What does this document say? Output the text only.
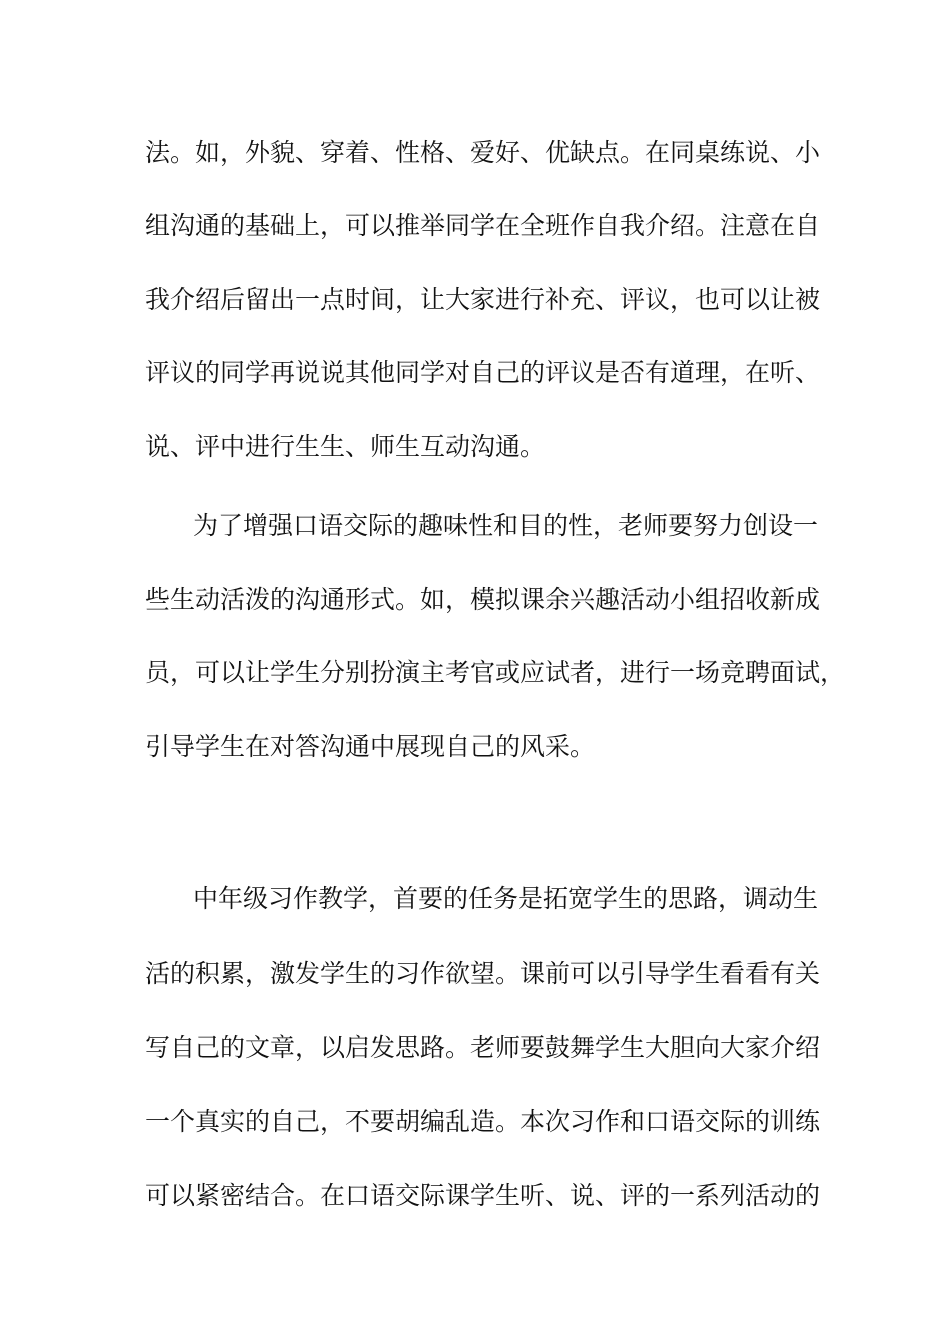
法。如，外貌、穿着、性格、爱好、优缺点。在同桌练说、小
组沟通的基础上，可以推举同学在全班作自我介绍。注意在自
我介绍后留出一点时间，让大家进行补充、评议，也可以让被
评议的同学再说说其他同学对自己的评议是否有道理，在听、
说、评中进行生生、师生互动沟通。
为了增强口语交际的趣味性和目的性，老师要努力创设一
些生动活泼的沟通形式。如，模拟课余兴趣活动小组招收新成
员，可以让学生分别扮演主考官或应试者，进行一场竞聘面试，
引导学生在对答沟通中展现自己的风采。
中年级习作教学，首要的任务是拓宽学生的思路，调动生
活的积累，激发学生的习作欲望。课前可以引导学生看看有关
写自己的文章，以启发思路。老师要鼓舞学生大胆向大家介绍
一个真实的自己，不要胡编乱造。本次习作和口语交际的训练
可以紧密结合。在口语交际课学生听、说、评的一系列活动的
